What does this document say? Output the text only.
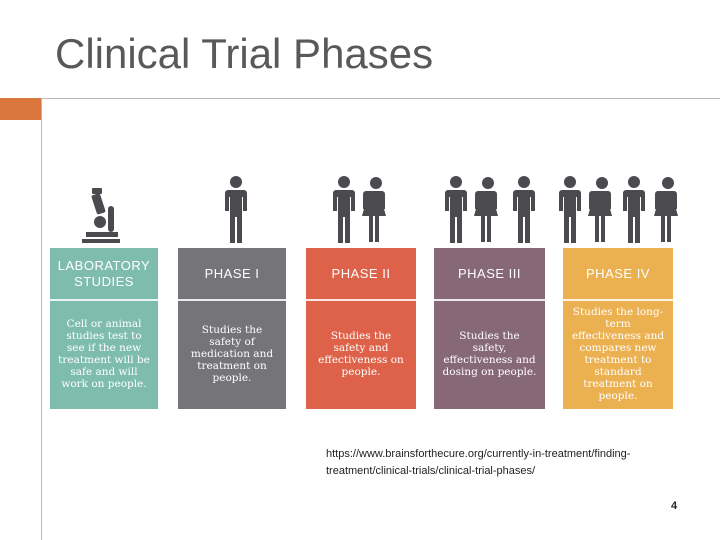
Clinical Trial Phases
LABORATORY
STUDIES
Cell or animal studies test to see if the new treatment will be safe and will work on people.
PHASE I
Studies the safety of medication and treatment on people.
PHASE II
Studies the safety and effectiveness on people.
PHASE III
Studies the safety, effectiveness and dosing on people.
PHASE IV
Studies the long-term effectiveness and compares new treatment to standard treatment on people.
https://www.brainsforthecure.org/currently-in-treatment/finding-
treatment/clinical-trials/clinical-trial-phases/
4
